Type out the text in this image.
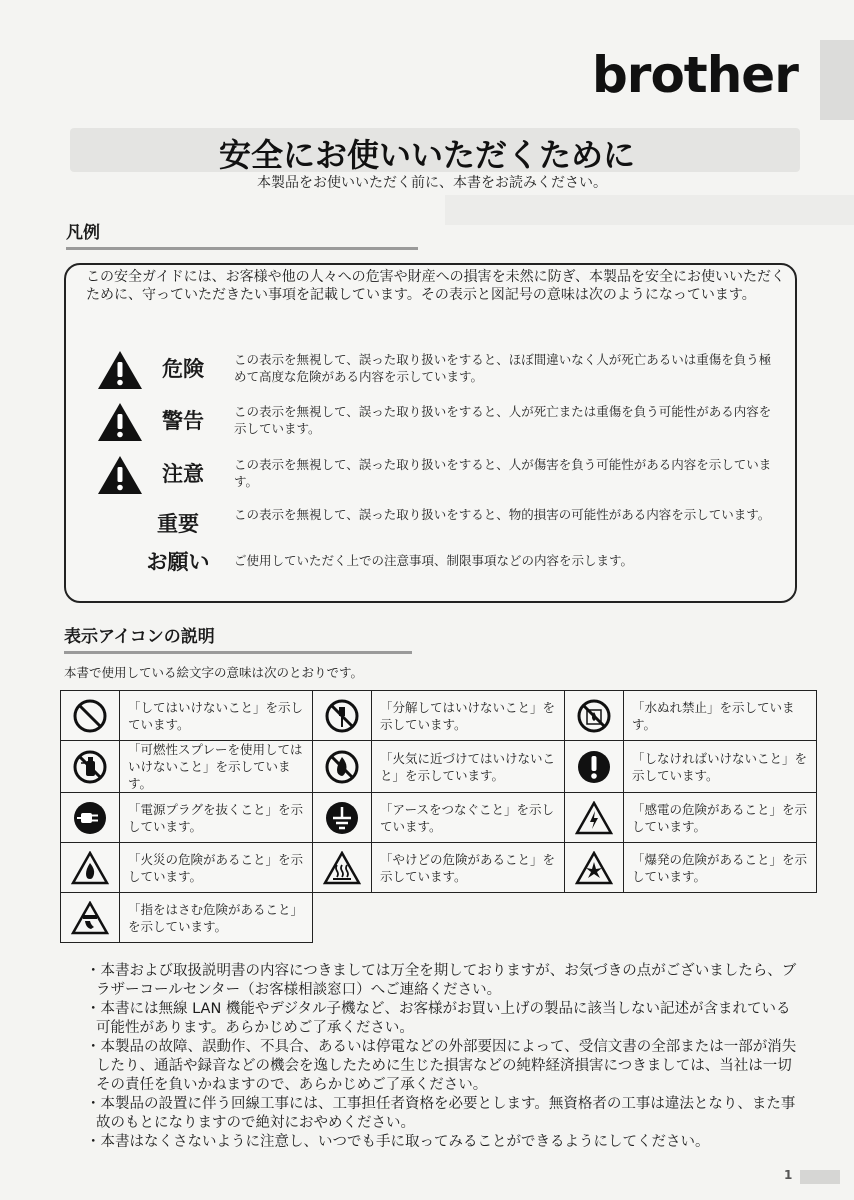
brother
安全にお使いいただくために
本製品をお使いいただく前に、本書をお読みください。
凡例
この安全ガイドには、お客様や他の人々への危害や財産への損害を未然に防ぎ、本製品を安全にお使いいただくために、守っていただきたい事項を記載しています。その表示と図記号の意味は次のようになっています。
危険 この表示を無視して、誤った取り扱いをすると、ほぼ間違いなく人が死亡あるいは重傷を負う極めて高度な危険がある内容を示しています。
警告 この表示を無視して、誤った取り扱いをすると、人が死亡または重傷を負う可能性がある内容を示しています。
注意 この表示を無視して、誤った取り扱いをすると、人が傷害を負う可能性がある内容を示しています。
重要	この表示を無視して、誤った取り扱いをすると、物的損害の可能性がある内容を示しています。
お願い	ご使用していただく上での注意事項、制限事項などの内容を示します。
表示アイコンの説明
本書で使用している絵文字の意味は次のとおりです。
	「してはいけないこと」を示しています。		「分解してはいけないこと」を示しています。		「水ぬれ禁止」を示しています。

	「可燃性スプレーを使用してはいけないこと」を示しています。		「火気に近づけてはいけないこと」を示しています。		「しなければいけないこと」を示しています。

	「電源プラグを抜くこと」を示しています。		「アースをつなぐこと」を示しています。		「感電の危険があること」を示しています。

	「火災の危険があること」を示しています。		「やけどの危険があること」を示しています。		「爆発の危険があること」を示しています。

	「指をはさむ危険があること」を示しています。				
・本書および取扱説明書の内容につきましては万全を期しておりますが、お気づきの点がございましたら、ブラザーコールセンター（お客様相談窓口）へご連絡ください。
・本書には無線 LAN 機能やデジタル子機など、お客様がお買い上げの製品に該当しない記述が含まれている可能性があります。あらかじめご了承ください。
・本製品の故障、誤動作、不具合、あるいは停電などの外部要因によって、受信文書の全部または一部が消失したり、通話や録音などの機会を逸したために生じた損害などの純粋経済損害につきましては、当社は一切その責任を負いかねますので、あらかじめご了承ください。
・本製品の設置に伴う回線工事には、工事担任者資格を必要とします。無資格者の工事は違法となり、また事故のもとになりますので絶対におやめください。
・本書はなくさないように注意し、いつでも手に取ってみることができるようにしてください。
1
